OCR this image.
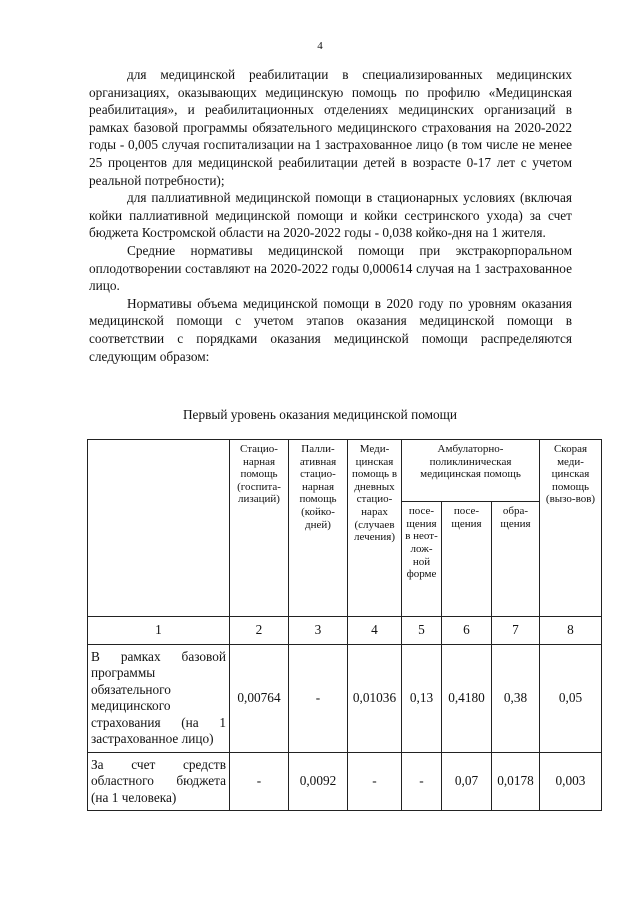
4

для медицинской реабилитации в специализированных медицинских организациях, оказывающих медицинскую помощь по профилю «Медицинская реабилитация», и реабилитационных отделениях медицинских организаций в рамках базовой программы обязательного медицинского страхования на 2020-2022 годы - 0,005 случая госпитализации на 1 застрахованное лицо (в том числе не менее 25 процентов для медицинской реабилитации детей в возрасте 0-17 лет с учетом реальной потребности);

для паллиативной медицинской помощи в стационарных условиях (включая койки паллиативной медицинской помощи и койки сестринского ухода) за счет бюджета Костромской области на 2020-2022 годы - 0,038 койко-дня на 1 жителя.

Средние нормативы медицинской помощи при экстракорпоральном оплодотворении составляют на 2020-2022 годы 0,000614 случая на 1 застрахованное лицо.

Нормативы объема медицинской помощи в 2020 году по уровням оказания медицинской помощи с учетом этапов оказания медицинской помощи в соответствии с порядками оказания медицинской помощи распределяются следующим образом:

Первый уровень оказания медицинской помощи
	Стацио-нарная помощь (госпита-лизаций)	Палли-ативная стацио-нарная помощь (койко-дней)	Меди-цинская помощь в дневных стацио-нарах (случаев лечения)	Амбулаторно-поликлиническая медицинская помощь			Скорая меди-цинская помощь (вызо-вов)
				посе-щения в неот-лож-ной форме	посе-щения	обра-щения	
1	2	3	4	5	6	7	8
В рамках базовой программы обязательного медицинского страхования (на 1 застрахованное лицо)	0,00764	-	0,01036	0,13	0,4180	0,38	0,05
За счет средств областного бюджета (на 1 человека)	-	0,0092	-	-	0,07	0,0178	0,003
